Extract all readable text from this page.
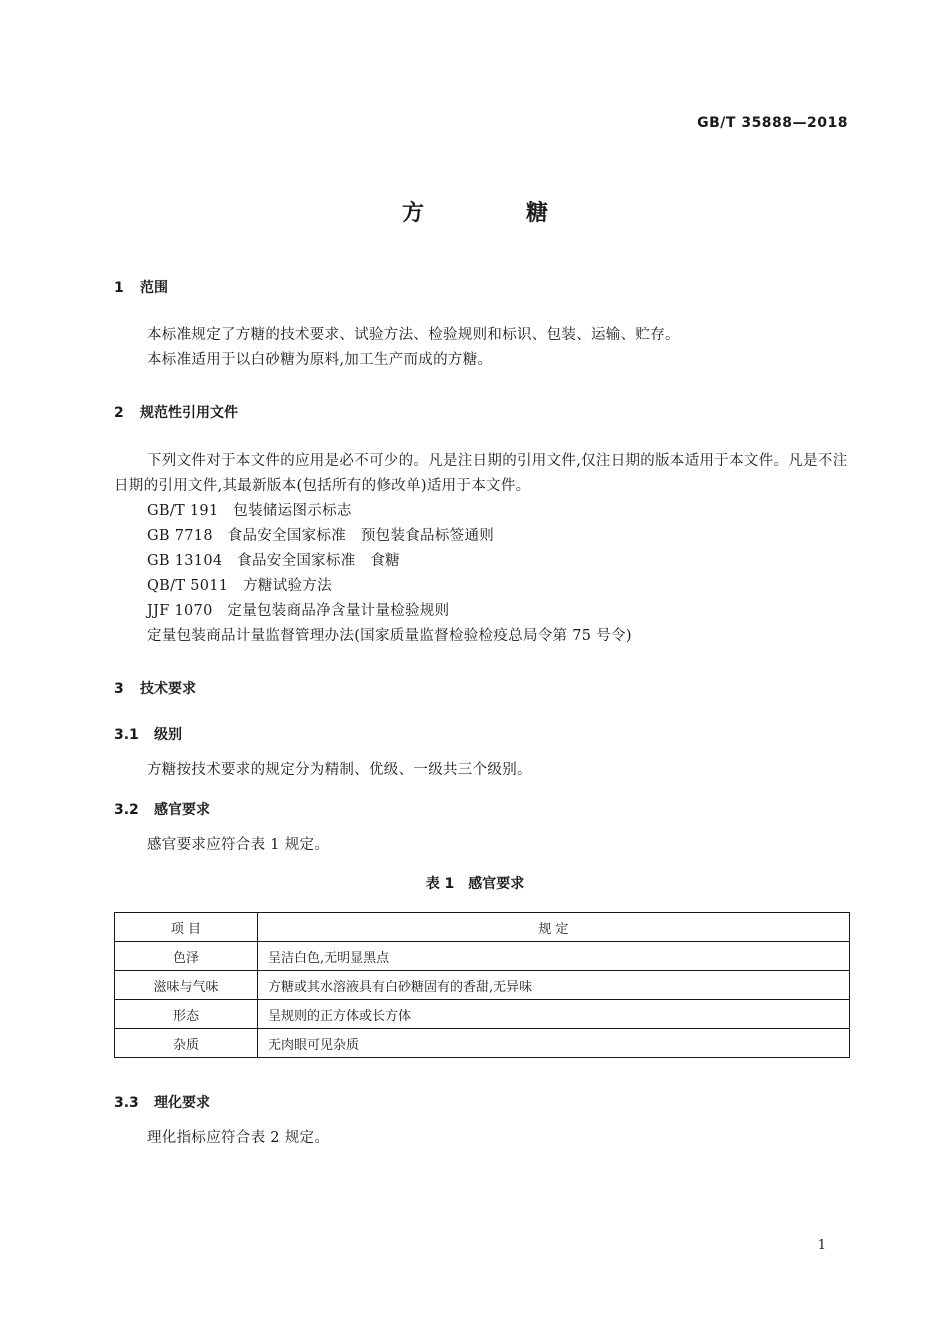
GB/T 35888—2018
方糖
1 范围
本标准规定了方糖的技术要求、试验方法、检验规则和标识、包装、运输、贮存。
本标准适用于以白砂糖为原料,加工生产而成的方糖。
2 规范性引用文件
下列文件对于本文件的应用是必不可少的。凡是注日期的引用文件,仅注日期的版本适用于本文件。凡是不注日期的引用文件,其最新版本(包括所有的修改单)适用于本文件。
GB/T 191　包装储运图示标志
GB 7718　食品安全国家标准　预包装食品标签通则
GB 13104　食品安全国家标准　食糖
QB/T 5011　方糖试验方法
JJF 1070　定量包装商品净含量计量检验规则
定量包装商品计量监督管理办法(国家质量监督检验检疫总局令第 75 号令)
3 技术要求
3.1 级别
方糖按技术要求的规定分为精制、优级、一级共三个级别。
3.2 感官要求
感官要求应符合表 1 规定。
表 1　感官要求
项 目	规 定
色泽	呈洁白色,无明显黑点
滋味与气味	方糖或其水溶液具有白砂糖固有的香甜,无异味
形态	呈规则的正方体或长方体
杂质	无肉眼可见杂质
3.3 理化要求
理化指标应符合表 2 规定。
1
